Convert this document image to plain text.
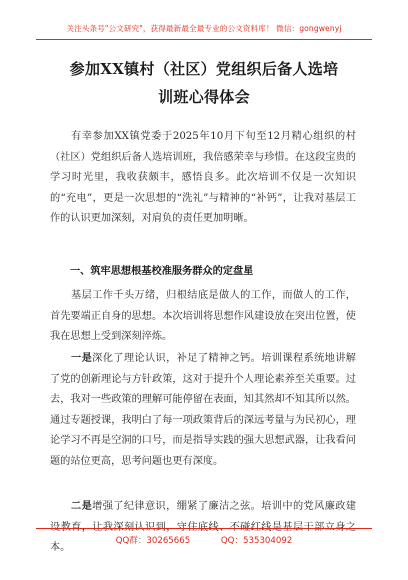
关注头条号"公文研究"，获得最新最全最专业的公文资料库！ 微信：gongwenyj
参加XX镇村（社区）党组织后备人选培
训班心得体会
有幸参加XX镇党委于2025年10月下旬至12月精心组织的村（社区）党组织后备人选培训班，我倍感荣幸与珍惜。在这段宝贵的学习时光里，我收获颇丰，感悟良多。此次培训不仅是一次知识的“充电”，更是一次思想的“洗礼”与精神的“补钙”，让我对基层工作的认识更加深刻，对肩负的责任更加明晰。
一、筑牢思想根基校准服务群众的定盘星
基层工作千头万绪，归根结底是做人的工作，而做人的工作，首先要端正自身的思想。本次培训将思想作风建设放在突出位置，使我在思想上受到深刻淬炼。
一是深化了理论认识，补足了精神之钙。培训课程系统地讲解了党的创新理论与方针政策，这对于提升个人理论素养至关重要。过去，我对一些政策的理解可能停留在表面，知其然却不知其所以然。通过专题授课，我明白了每一项政策背后的深远考量与为民初心，理论学习不再是空洞的口号，而是指导实践的强大思想武器，让我看问题的站位更高，思考问题也更有深度。
二是增强了纪律意识，绷紧了廉洁之弦。培训中的党风廉政建设教育，让我深刻认识到，守住底线、不碰红线是基层干部立身之本。
QQ群：30265665	QQ：535304092
